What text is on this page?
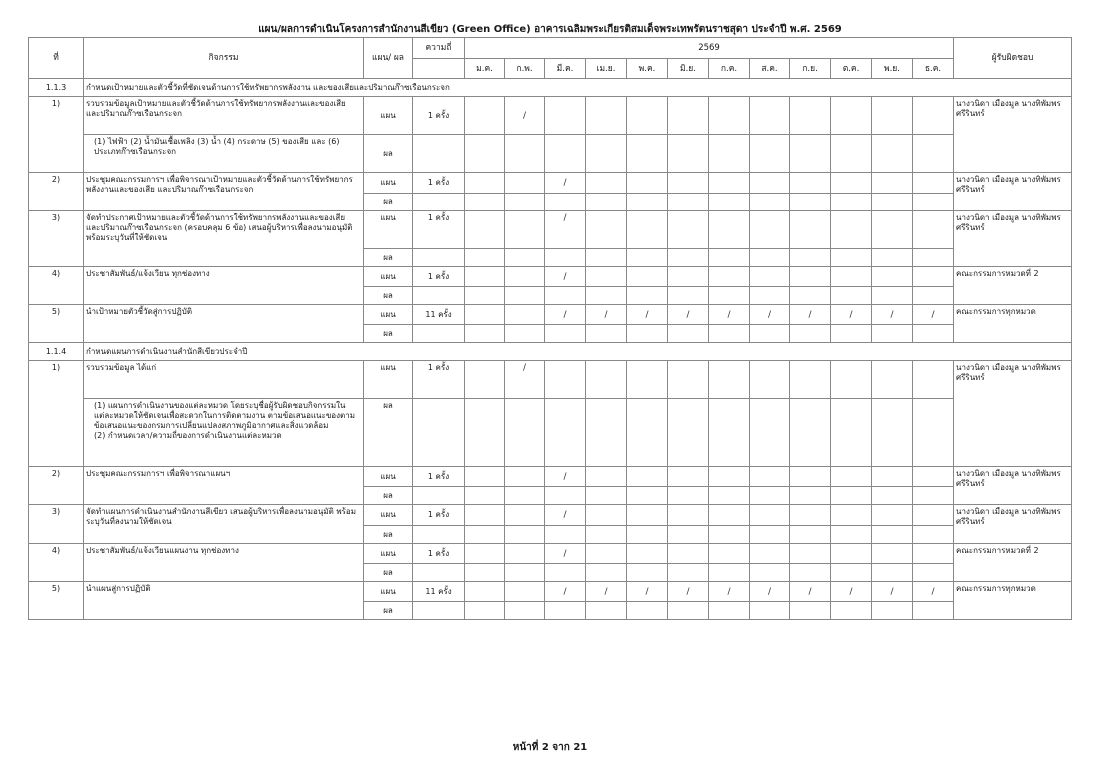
แผน/ผลการดำเนินโครงการสำนักงานสีเขียว (Green Office) อาคารเฉลิมพระเกียรติสมเด็จพระเทพรัตนราชสุดา ประจำปี พ.ศ. 2569
ที่	กิจกรรม	แผน/ ผล	ความถี่	2569												ผู้รับผิดชอบ
				ม.ค.	ก.พ.	มี.ค.	เม.ย.	พ.ค.	มิ.ย.	ก.ค.	ส.ค.	ก.ย.	ต.ค.	พ.ย.	ธ.ค.	
1.1.3	กำหนดเป้าหมายและตัวชี้วัดที่ชัดเจนด้านการใช้ทรัพยากรพลังงาน และของเสียและปริมาณก๊าซเรือนกระจก															
1)	รวบรวมข้อมูลเป้าหมายและตัวชี้วัดด้านการใช้ทรัพยากรพลังงานและของเสีย และปริมาณก๊าซเรือนกระจก	แผน	1 ครั้ง		/											นางวนิดา เมืองมูล นางทิพัมพร ศรีรินทร์
	(1) ไฟฟ้า (2) น้ำมันเชื้อเพลิง (3) น้ำ (4) กระดาษ (5) ของเสีย และ (6) ประเภทก๊าซเรือนกระจก	ผล														
2)	ประชุมคณะกรรมการฯ เพื่อพิจารณาเป้าหมายและตัวชี้วัดด้านการใช้ทรัพยากรพลังงานและของเสีย และปริมาณก๊าซเรือนกระจก	แผน	1 ครั้ง			/										นางวนิดา เมืองมูล นางทิพัมพร ศรีรินทร์
		ผล														
3)	จัดทำประกาศเป้าหมายและตัวชี้วัดด้านการใช้ทรัพยากรพลังงานและของเสีย และปริมาณก๊าซเรือนกระจก (ครอบคลุม 6 ข้อ) เสนอผู้บริหารเพื่อลงนามอนุมัติ พร้อมระบุวันที่ให้ชัดเจน	แผน	1 ครั้ง			/										นางวนิดา เมืองมูล นางทิพัมพร ศรีรินทร์
		ผล														
4)	ประชาสัมพันธ์/แจ้งเวียน ทุกช่องทาง	แผน	1 ครั้ง			/										คณะกรรมการหมวดที่ 2
		ผล														
5)	นำเป้าหมายตัวชี้วัดสู่การปฏิบัติ	แผน	11 ครั้ง			/	/	/	/	/	/	/	/	/	/	คณะกรรมการทุกหมวด
		ผล														
1.1.4	กำหนดแผนการดำเนินงานสำนักสีเขียวประจำปี															
1)	รวบรวมข้อมูล ได้แก่	แผน	1 ครั้ง		/											นางวนิดา เมืองมูล นางทิพัมพร ศรีรินทร์

	(1) แผนการดำเนินงานของแต่ละหมวด โดยระบุชื่อผู้รับผิดชอบกิจกรรมในแต่ละหมวดให้ชัดเจนเพื่อสะดวกในการติดตามงาน ตามข้อเสนอแนะของตามข้อเสนอแนะของกรมการเปลี่ยนแปลงสภาพภูมิอากาศและสิ่งแวดล้อม
(2) กำหนดเวลา/ความถี่ของการดำเนินงานแต่ละหมวด	ผล														
2)	ประชุมคณะกรรมการฯ เพื่อพิจารณาแผนฯ	แผน	1 ครั้ง			/										นางวนิดา เมืองมูล นางทิพัมพร ศรีรินทร์
		ผล														
3)	จัดทำแผนการดำเนินงานสำนักงานสีเขียว เสนอผู้บริหารเพื่อลงนามอนุมัติ พร้อมระบุวันที่ลงนามให้ชัดเจน	แผน	1 ครั้ง			/										นางวนิดา เมืองมูล นางทิพัมพร ศรีรินทร์
		ผล														
4)	ประชาสัมพันธ์/แจ้งเวียนแผนงาน ทุกช่องทาง	แผน	1 ครั้ง			/										คณะกรรมการหมวดที่ 2
		ผล														
5)	นำแผนสู่การปฏิบัติ	แผน	11 ครั้ง			/	/	/	/	/	/	/	/	/	/	คณะกรรมการทุกหมวด
		ผล														
หน้าที่ 2 จาก 21
